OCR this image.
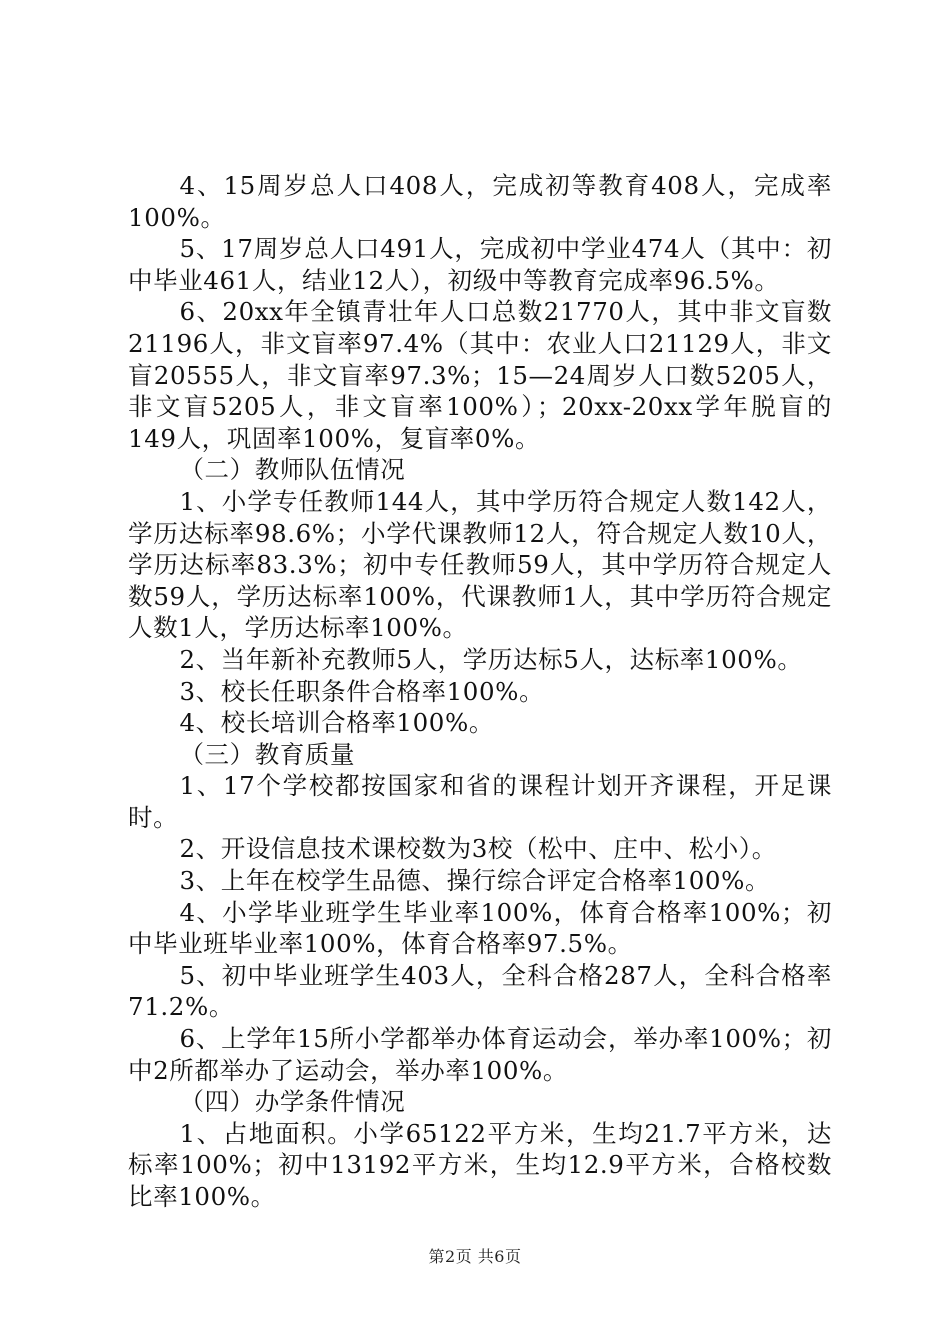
4、15周岁总人口408人，完成初等教育408人，完成率100%。

5、17周岁总人口491人，完成初中学业474人（其中：初中毕业461人，结业12人），初级中等教育完成率96.5%。

6、20xx年全镇青壮年人口总数21770人，其中非文盲数21196人，非文盲率97.4%（其中：农业人口21129人，非文盲20555人，非文盲率97.3%；15—24周岁人口数5205人，非文盲5205人，非文盲率100%）；20xx-20xx学年脱盲的149人，巩固率100%，复盲率0%。

（二）教师队伍情况

1、小学专任教师144人，其中学历符合规定人数142人，学历达标率98.6%；小学代课教师12人，符合规定人数10人，学历达标率83.3%；初中专任教师59人，其中学历符合规定人数59人，学历达标率100%，代课教师1人，其中学历符合规定人数1人，学历达标率100%。

2、当年新补充教师5人，学历达标5人，达标率100%。

3、校长任职条件合格率100%。

4、校长培训合格率100%。

（三）教育质量

1、17个学校都按国家和省的课程计划开齐课程，开足课时。

2、开设信息技术课校数为3校（松中、庄中、松小）。

3、上年在校学生品德、操行综合评定合格率100%。

4、小学毕业班学生毕业率100%，体育合格率100%；初中毕业班毕业率100%，体育合格率97.5%。

5、初中毕业班学生403人，全科合格287人，全科合格率71.2%。

6、上学年15所小学都举办体育运动会，举办率100%；初中2所都举办了运动会，举办率100%。

（四）办学条件情况

1、占地面积。小学65122平方米，生均21.7平方米，达标率100%；初中13192平方米，生均12.9平方米，合格校数比率100%。

第2页 共6页
